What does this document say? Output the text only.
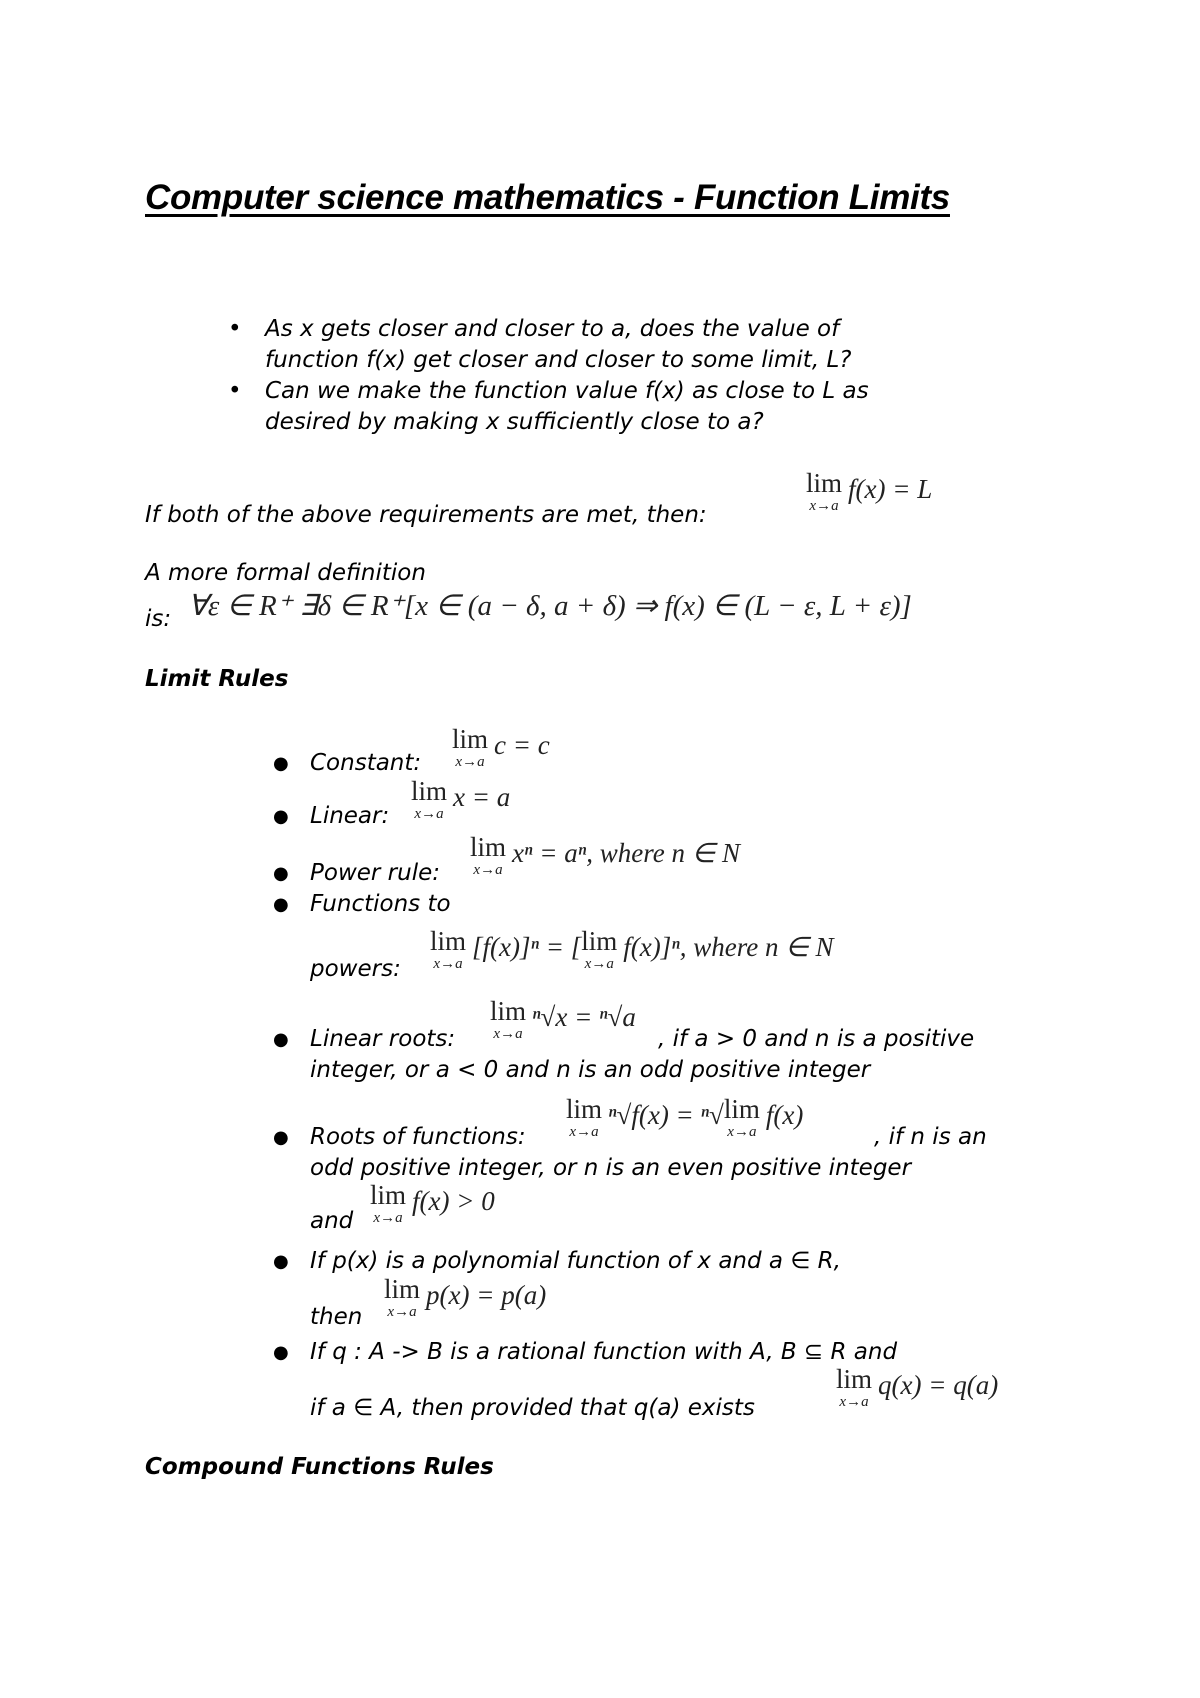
Computer science mathematics - Function Limits
• As x gets closer and closer to a, does the value of
function f(x) get closer and closer to some limit, L?
• Can we make the function value f(x) as close to L as
desired by making x sufficiently close to a?
If both of the above requirements are met, then:
lim
x→a
f(x) = L
A more formal definition
is: ∀ε ∈ R⁺ ∃δ ∈ R⁺[x ∈ (a − δ, a + δ) ⇒ f(x) ∈ (L − ε, L + ε)]
Limit Rules
● Constant:
lim
x→a
c = c
● Linear:
lim
x→a
x = a
● Power rule:
lim
x→a
xⁿ = aⁿ, where n ∈ N
● Functions to
powers:
lim
x→a
[f(x)]ⁿ = [ lim
x→a
f(x)]ⁿ, where n ∈ N
● Linear roots:
lim
x→a
ⁿ√x = ⁿ√a
, if a > 0 and n is a positive
integer, or a < 0 and n is an odd positive integer
● Roots of functions:
lim
x→a
ⁿ√f(x) = ⁿ√ lim
x→a
f(x)
, if n is an
odd positive integer, or n is an even positive integer
and
lim
x→a
f(x) > 0
● If p(x) is a polynomial function of x and a ∈ R,
then
lim
x→a
p(x) = p(a)
● If q : A -> B is a rational function with A, B ⊆ R and
if a ∈ A, then provided that q(a) exists
lim
x→a
q(x) = q(a)
Compound Functions Rules
